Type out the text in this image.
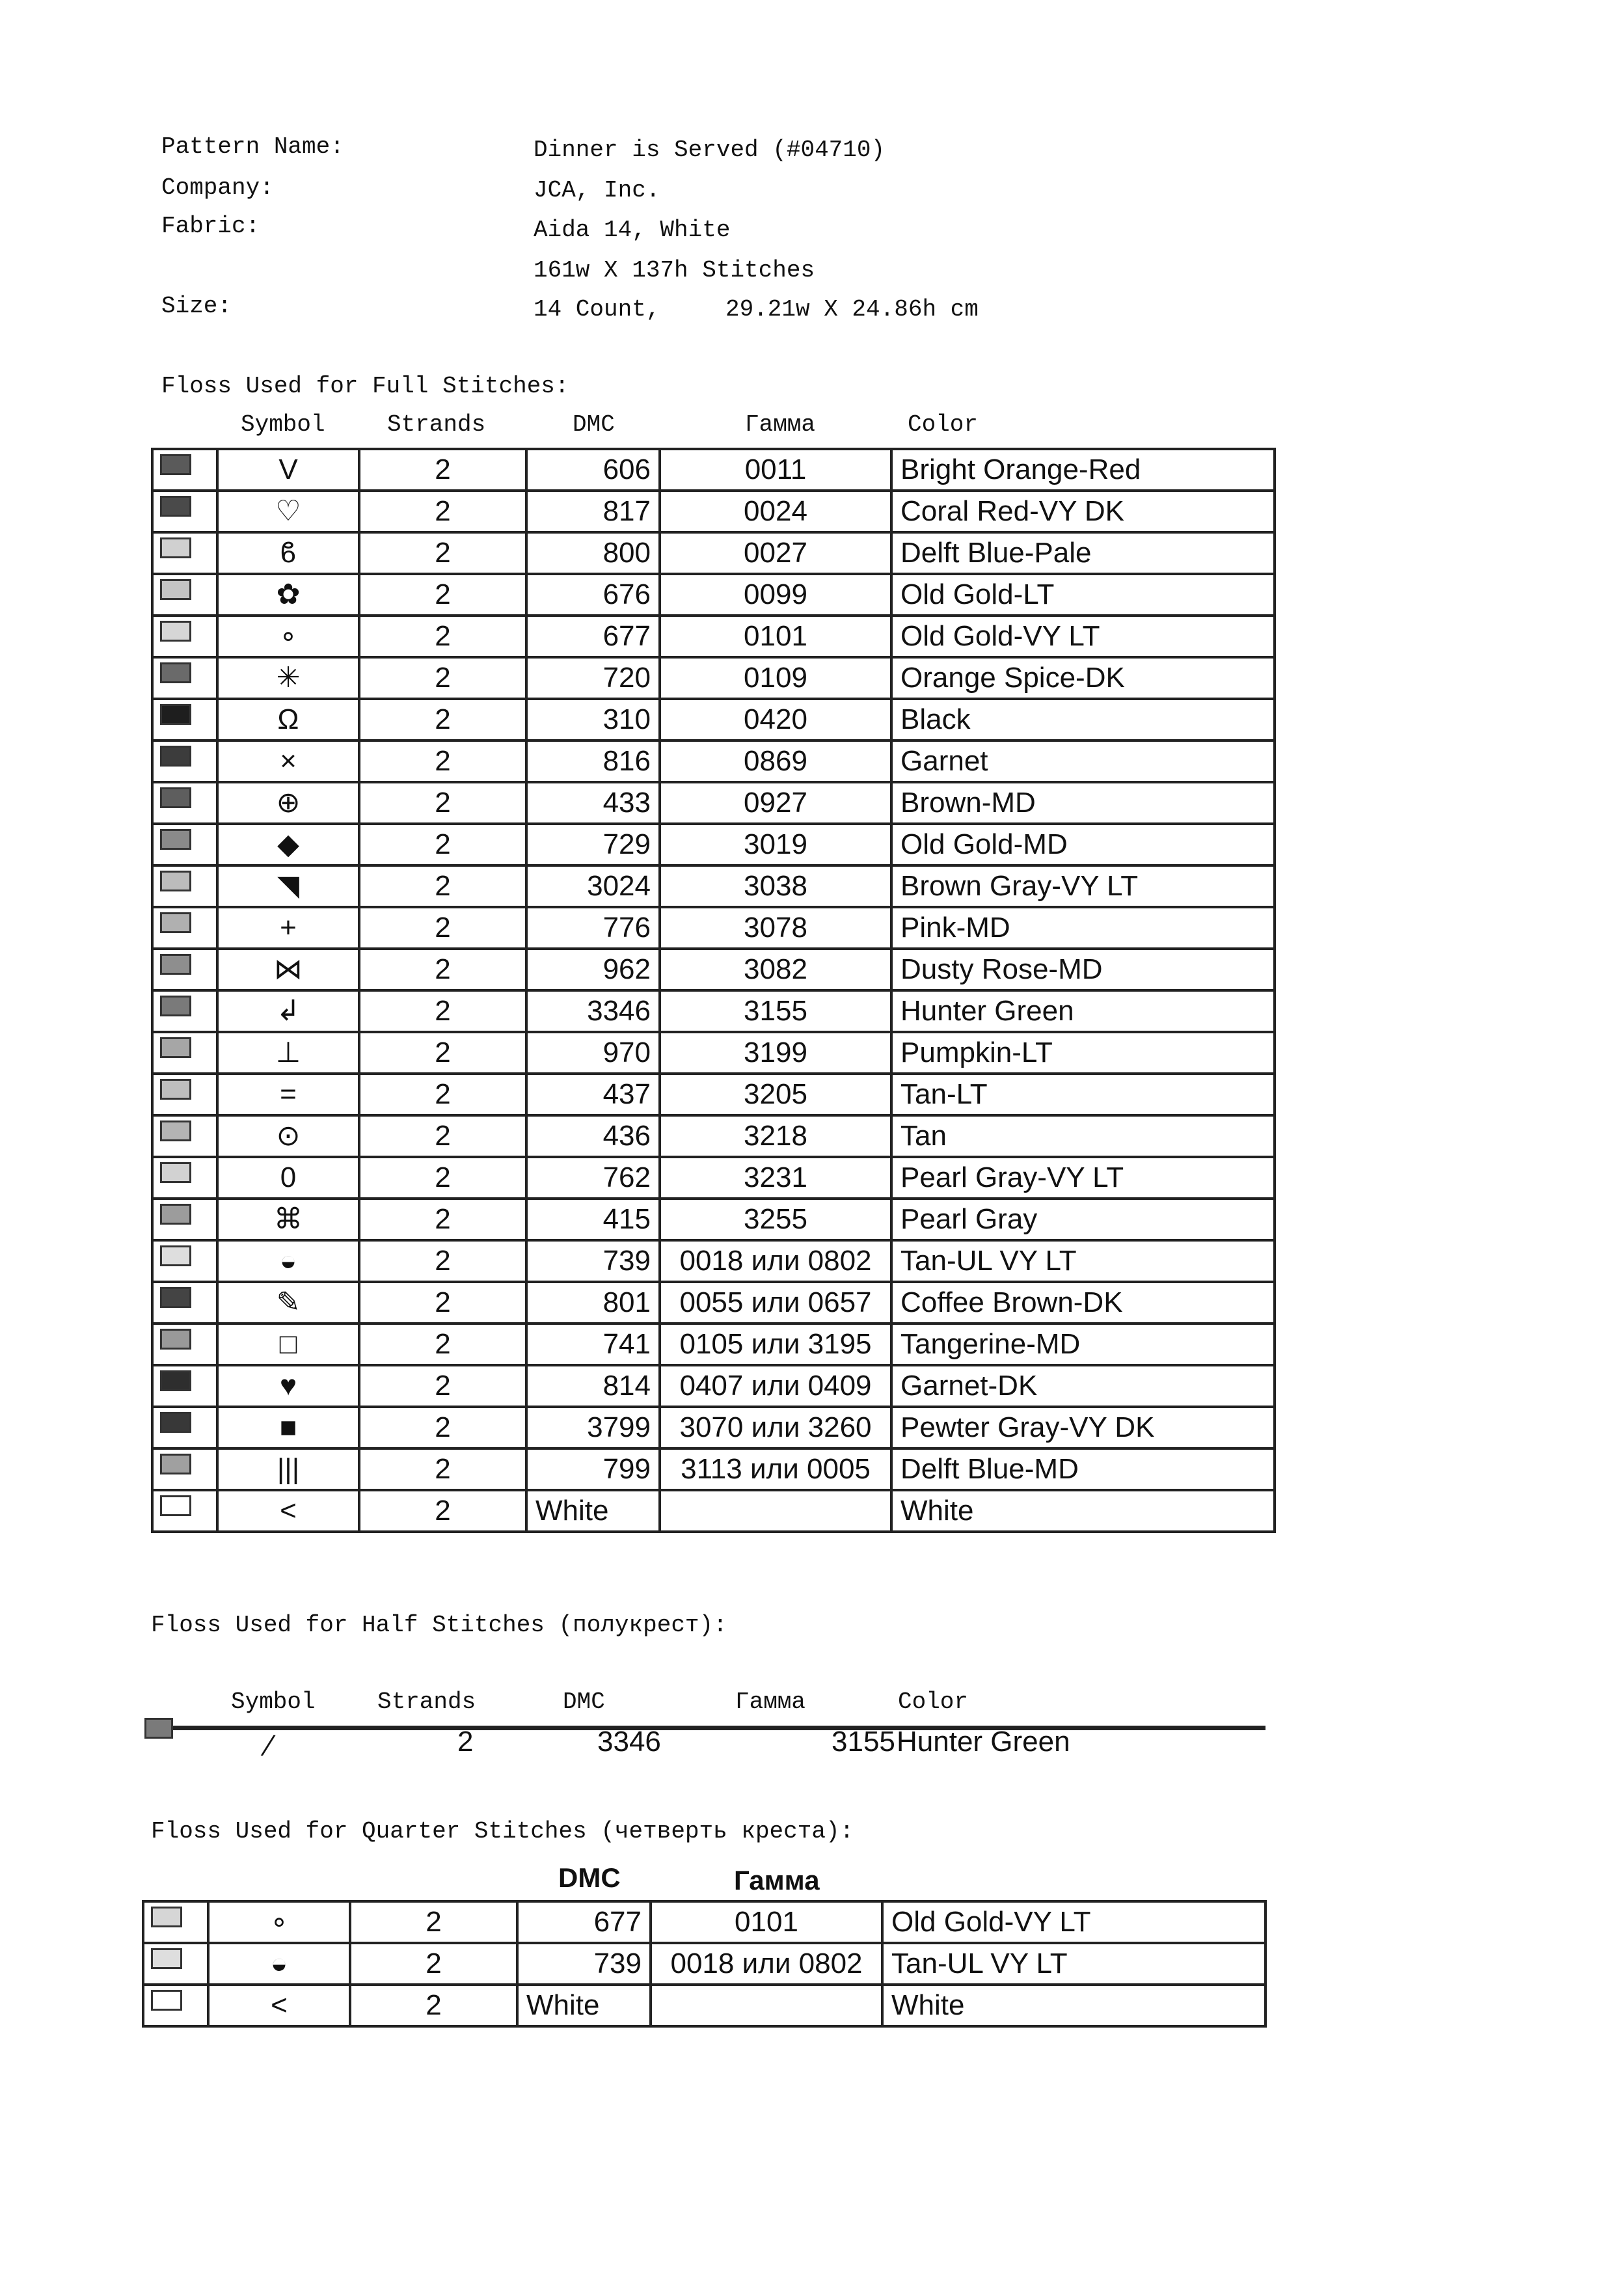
Pattern Name:	Dinner is Served (#04710)
Company:	JCA, Inc.
Fabric:	Aida 14, White
161w X 137h Stitches
Size:	14 Count,	29.21w X 24.86h cm
Floss Used for Full Stitches:
Symbol	Strands	DMC	Гамма	Color
	V	2	606	0011	Bright Orange-Red

	♡	2	817	0024	Coral Red-VY DK

	ϐ	2	800	0027	Delft Blue-Pale

	✿	2	676	0099	Old Gold-LT

	∘	2	677	0101	Old Gold-VY LT

	✳	2	720	0109	Orange Spice-DK

	Ω	2	310	0420	Black

	×	2	816	0869	Garnet

	⊕	2	433	0927	Brown-MD

	◆	2	729	3019	Old Gold-MD

	◥	2	3024	3038	Brown Gray-VY LT

	+	2	776	3078	Pink-MD

	⋈	2	962	3082	Dusty Rose-MD

	↲	2	3346	3155	Hunter Green

	⊥	2	970	3199	Pumpkin-LT

	=	2	437	3205	Tan-LT

	⊙	2	436	3218	Tan

	0	2	762	3231	Pearl Gray-VY LT

	⌘	2	415	3255	Pearl Gray

	◒	2	739	0018 или 0802	Tan-UL VY LT

	✎	2	801	0055 или 0657	Coffee Brown-DK

	□	2	741	0105 или 3195	Tangerine-MD

	♥	2	814	0407 или 0409	Garnet-DK

	■	2	3799	3070 или 3260	Pewter Gray-VY DK

	|||	2	799	3113 или 0005	Delft Blue-MD

	<	2	White		White
Floss Used for Half Stitches (полукрест):
Symbol	Strands	DMC	Гамма	Color
∕	2	3346	3155 Hunter Green
Floss Used for Quarter Stitches (четверть креста):
DMC	Гамма
	∘	2	677	0101	Old Gold-VY LT

	◒	2	739	0018 или 0802	Tan-UL VY LT

	<	2	White		White
